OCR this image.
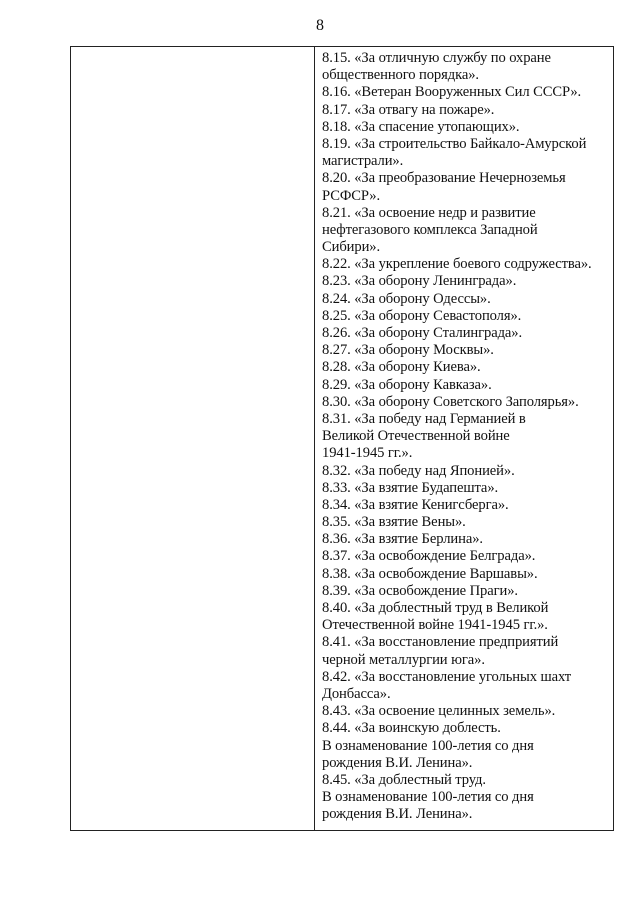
8
8.15. «За отличную службу по охране
общественного порядка».
8.16. «Ветеран Вооруженных Сил СССР».
8.17. «За отвагу на пожаре».
8.18. «За спасение утопающих».
8.19. «За строительство Байкало-Амурской
магистрали».
8.20. «За преобразование Нечерноземья
РСФСР».
8.21. «За освоение недр и развитие
нефтегазового комплекса Западной
Сибири».
8.22. «За укрепление боевого содружества».
8.23. «За оборону Ленинграда».
8.24. «За оборону Одессы».
8.25. «За оборону Севастополя».
8.26. «За оборону Сталинграда».
8.27. «За оборону Москвы».
8.28. «За оборону Киева».
8.29. «За оборону Кавказа».
8.30. «За оборону Советского Заполярья».
8.31. «За победу над Германией в
Великой Отечественной войне
1941-1945 гг.».
8.32. «За победу над Японией».
8.33. «За взятие Будапешта».
8.34. «За взятие Кенигсберга».
8.35. «За взятие Вены».
8.36. «За взятие Берлина».
8.37. «За освобождение Белграда».
8.38. «За освобождение Варшавы».
8.39. «За освобождение Праги».
8.40. «За доблестный труд в Великой
Отечественной войне 1941-1945 гг.».
8.41. «За восстановление предприятий
черной металлургии юга».
8.42. «За восстановление угольных шахт
Донбасса».
8.43. «За освоение целинных земель».
8.44. «За воинскую доблесть.
В ознаменование 100-летия со дня
рождения В.И. Ленина».
8.45. «За доблестный труд.
В ознаменование 100-летия со дня
рождения В.И. Ленина».
